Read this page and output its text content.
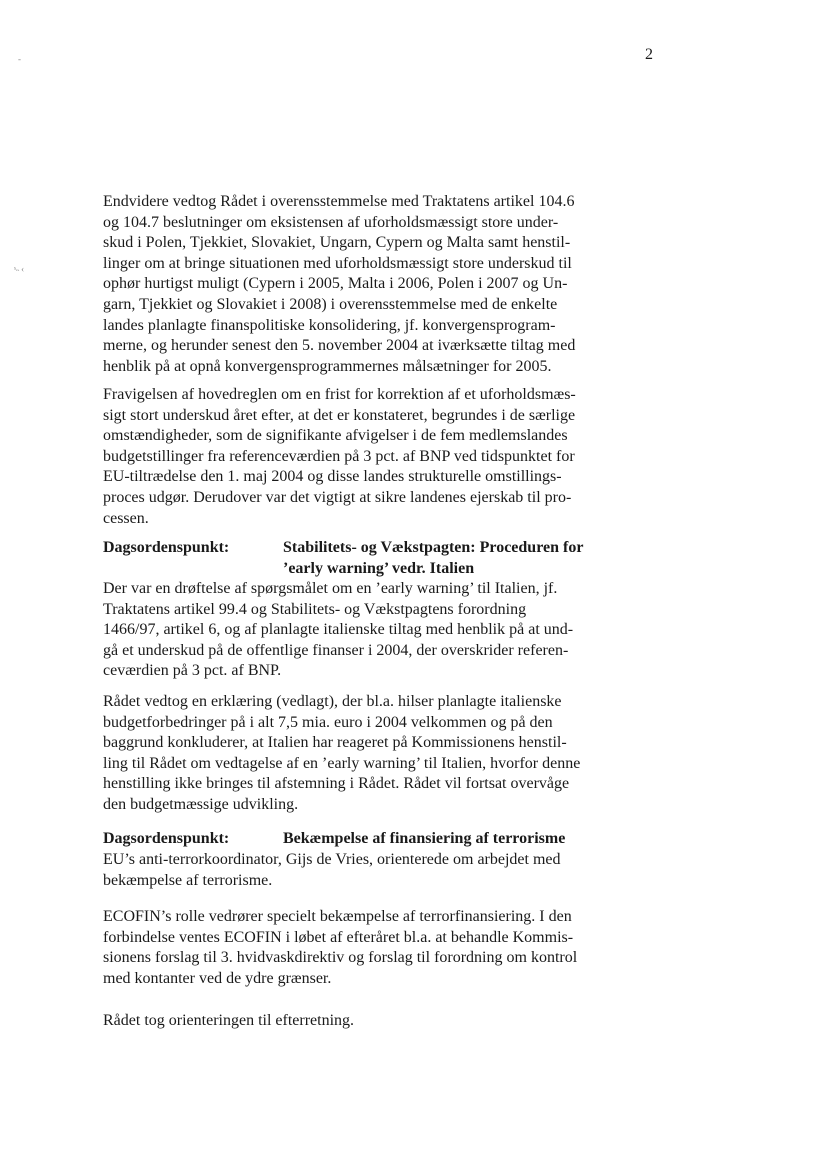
2
-
ˢ˵ ‹

Endvidere vedtog Rådet i overensstemmelse med Traktatens artikel 104.6
og 104.7 beslutninger om eksistensen af uforholdsmæssigt store under-
skud i Polen, Tjekkiet, Slovakiet, Ungarn, Cypern og Malta samt henstil-
linger om at bringe situationen med uforholdsmæssigt store underskud til
ophør hurtigst muligt (Cypern i 2005, Malta i 2006, Polen i 2007 og Un-
garn, Tjekkiet og Slovakiet i 2008) i overensstemmelse med de enkelte
landes planlagte finanspolitiske konsolidering, jf. konvergensprogram-
merne, og herunder senest den 5. november 2004 at iværksætte tiltag med
henblik på at opnå konvergensprogrammernes målsætninger for 2005.

Fravigelsen af hovedreglen om en frist for korrektion af et uforholdsmæs-
sigt stort underskud året efter, at det er konstateret, begrundes i de særlige
omstændigheder, som de signifikante afvigelser i de fem medlemslandes
budgetstillinger fra referenceværdien på 3 pct. af BNP ved tidspunktet for
EU-tiltrædelse den 1. maj 2004 og disse landes strukturelle omstillings-
proces udgør. Derudover var det vigtigt at sikre landenes ejerskab til pro-
cessen.

Dagsordenspunkt:	Stabilitets- og Vækstpagten: Proceduren for
’early warning’ vedr. Italien

Der var en drøftelse af spørgsmålet om en ’early warning’ til Italien, jf.
Traktatens artikel 99.4 og Stabilitets- og Vækstpagtens forordning
1466/97, artikel 6, og af planlagte italienske tiltag med henblik på at und-
gå et underskud på de offentlige finanser i 2004, der overskrider referen-
ceværdien på 3 pct. af BNP.

Rådet vedtog en erklæring (vedlagt), der bl.a. hilser planlagte italienske
budgetforbedringer på i alt 7,5 mia. euro i 2004 velkommen og på den
baggrund konkluderer, at Italien har reageret på Kommissionens henstil-
ling til Rådet om vedtagelse af en ’early warning’ til Italien, hvorfor denne
henstilling ikke bringes til afstemning i Rådet. Rådet vil fortsat overvåge
den budgetmæssige udvikling.

Dagsordenspunkt:	Bekæmpelse af finansiering af terrorisme

EU’s anti-terrorkoordinator, Gijs de Vries, orienterede om arbejdet med
bekæmpelse af terrorisme.

ECOFIN’s rolle vedrører specielt bekæmpelse af terrorfinansiering. I den
forbindelse ventes ECOFIN i løbet af efteråret bl.a. at behandle Kommis-
sionens forslag til 3. hvidvaskdirektiv og forslag til forordning om kontrol
med kontanter ved de ydre grænser.

Rådet tog orienteringen til efterretning.
